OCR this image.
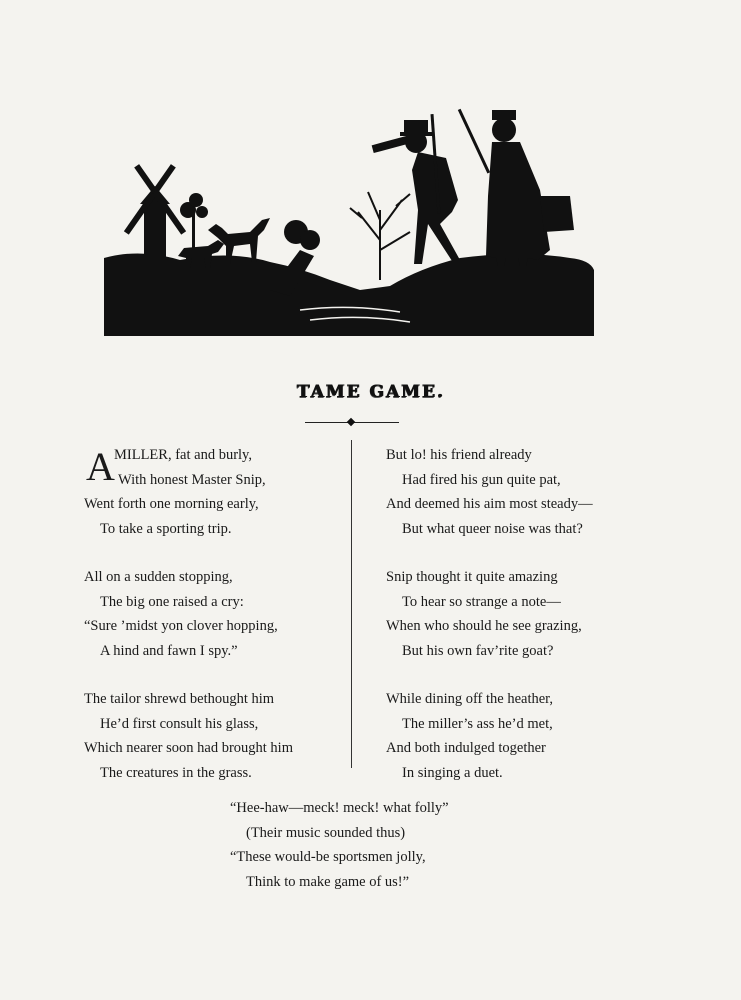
TAME GAME.
A MILLER, fat and burly,
With honest Master Snip,
Went forth one morning early,
To take a sporting trip.
All on a sudden stopping,
The big one raised a cry:
“Sure ’midst yon clover hopping,
A hind and fawn I spy.”
The tailor shrewd bethought him
He’d first consult his glass,
Which nearer soon had brought him
The creatures in the grass.
But lo! his friend already
Had fired his gun quite pat,
And deemed his aim most steady—
But what queer noise was that?
Snip thought it quite amazing
To hear so strange a note—
When who should he see grazing,
But his own fav’rite goat?
While dining off the heather,
The miller’s ass he’d met,
And both indulged together
In singing a duet.
“Hee-haw—meck! meck! what folly”
(Their music sounded thus)
“These would-be sportsmen jolly,
Think to make game of us!”
